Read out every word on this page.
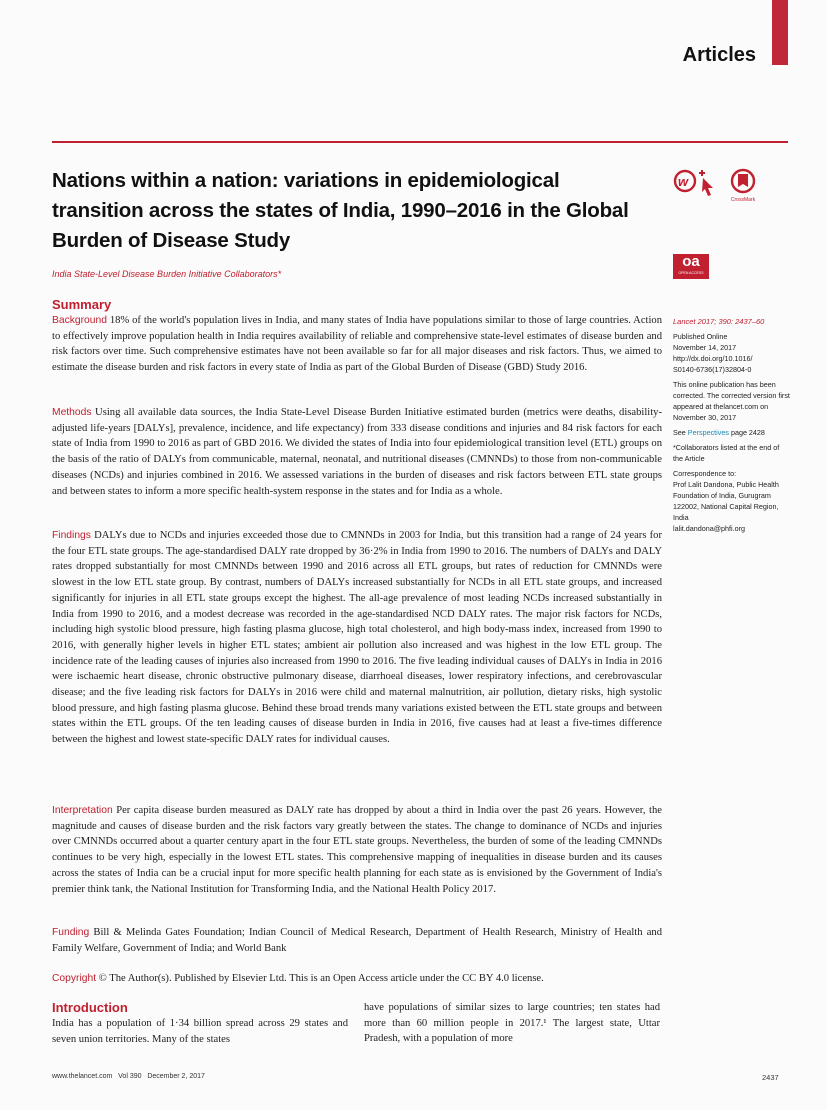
Articles
Nations within a nation: variations in epidemiological transition across the states of India, 1990–2016 in the Global Burden of Disease Study
India State-Level Disease Burden Initiative Collaborators*
w
CrossMark
oa
OPEN ACCESS
Summary
Background 18% of the world's population lives in India, and many states of India have populations similar to those of large countries. Action to effectively improve population health in India requires availability of reliable and comprehensive state-level estimates of disease burden and risk factors over time. Such comprehensive estimates have not been available so far for all major diseases and risk factors. Thus, we aimed to estimate the disease burden and risk factors in every state of India as part of the Global Burden of Disease (GBD) Study 2016.
Methods Using all available data sources, the India State-Level Disease Burden Initiative estimated burden (metrics were deaths, disability-adjusted life-years [DALYs], prevalence, incidence, and life expectancy) from 333 disease conditions and injuries and 84 risk factors for each state of India from 1990 to 2016 as part of GBD 2016. We divided the states of India into four epidemiological transition level (ETL) groups on the basis of the ratio of DALYs from communicable, maternal, neonatal, and nutritional diseases (CMNNDs) to those from non-communicable diseases (NCDs) and injuries combined in 2016. We assessed variations in the burden of diseases and risk factors between ETL state groups and between states to inform a more specific health-system response in the states and for India as a whole.
Findings DALYs due to NCDs and injuries exceeded those due to CMNNDs in 2003 for India, but this transition had a range of 24 years for the four ETL state groups. The age-standardised DALY rate dropped by 36·2% in India from 1990 to 2016. The numbers of DALYs and DALY rates dropped substantially for most CMNNDs between 1990 and 2016 across all ETL groups, but rates of reduction for CMNNDs were slowest in the low ETL state group. By contrast, numbers of DALYs increased substantially for NCDs in all ETL state groups, and increased significantly for injuries in all ETL state groups except the highest. The all-age prevalence of most leading NCDs increased substantially in India from 1990 to 2016, and a modest decrease was recorded in the age-standardised NCD DALY rates. The major risk factors for NCDs, including high systolic blood pressure, high fasting plasma glucose, high total cholesterol, and high body-mass index, increased from 1990 to 2016, with generally higher levels in higher ETL states; ambient air pollution also increased and was highest in the low ETL group. The incidence rate of the leading causes of injuries also increased from 1990 to 2016. The five leading individual causes of DALYs in India in 2016 were ischaemic heart disease, chronic obstructive pulmonary disease, diarrhoeal diseases, lower respiratory infections, and cerebrovascular disease; and the five leading risk factors for DALYs in 2016 were child and maternal malnutrition, air pollution, dietary risks, high systolic blood pressure, and high fasting plasma glucose. Behind these broad trends many variations existed between the ETL state groups and between states within the ETL groups. Of the ten leading causes of disease burden in India in 2016, five causes had at least a five-times difference between the highest and lowest state-specific DALY rates for individual causes.
Interpretation Per capita disease burden measured as DALY rate has dropped by about a third in India over the past 26 years. However, the magnitude and causes of disease burden and the risk factors vary greatly between the states. The change to dominance of NCDs and injuries over CMNNDs occurred about a quarter century apart in the four ETL state groups. Nevertheless, the burden of some of the leading CMNNDs continues to be very high, especially in the lowest ETL states. This comprehensive mapping of inequalities in disease burden and its causes across the states of India can be a crucial input for more specific health planning for each state as is envisioned by the Government of India's premier think tank, the National Institution for Transforming India, and the National Health Policy 2017.
Funding Bill & Melinda Gates Foundation; Indian Council of Medical Research, Department of Health Research, Ministry of Health and Family Welfare, Government of India; and World Bank
Copyright © The Author(s). Published by Elsevier Ltd. This is an Open Access article under the CC BY 4.0 license.

Lancet 2017; 390: 2437–60

Published Online
November 14, 2017
http://dx.doi.org/10.1016/
S0140-6736(17)32804-0

This online publication has been corrected. The corrected version first appeared at thelancet.com on November 30, 2017

See Perspectives page 2428

*Collaborators listed at the end of the Article

Correspondence to:
Prof Lalit Dandona, Public Health Foundation of India, Gurugram 122002, National Capital Region, India
lalit.dandona@phfi.org

Introduction
India has a population of 1·34 billion spread across 29 states and seven union territories. Many of the states
have populations of similar sizes to large countries; ten states had more than 60 million people in 2017.¹ The largest state, Uttar Pradesh, with a population of more
www.thelancet.com   Vol 390   December 2, 2017	2437
